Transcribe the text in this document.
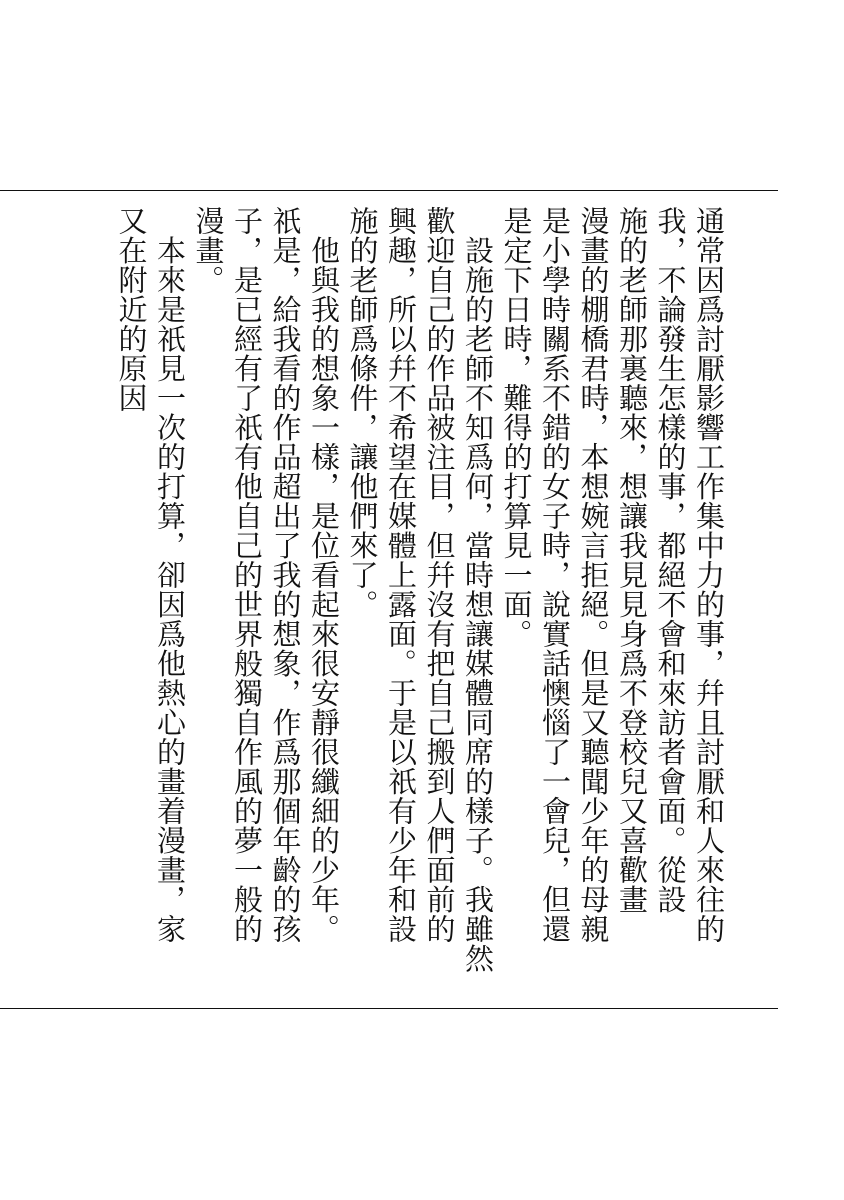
通常因爲討厭影響工作集中力的事，幷且討厭和人來往的
我，不論發生怎樣的事，都絕不會和來訪者會面。從設
施的老師那裏聽來，想讓我見見身爲不登校兒又喜歡畫
漫畫的棚橋君時，本想婉言拒絕。但是又聽聞少年的母親
是小學時關系不錯的女子時，說實話懊惱了一會兒，但還
是定下日時，難得的打算見一面。
　設施的老師不知爲何，當時想讓媒體同席的樣子。我雖然
歡迎自己的作品被注目，但幷沒有把自己搬到人們面前的
興趣，所以幷不希望在媒體上露面。于是以祇有少年和設
施的老師爲條件，讓他們來了。
　他與我的想象一樣，是位看起來很安靜很纖細的少年。
祇是，給我看的作品超出了我的想象，作爲那個年齡的孩
子，是已經有了祇有他自己的世界般獨自作風的夢一般的
漫畫。
　本來是祇見一次的打算，卻因爲他熱心的畫着漫畫，家
又在附近的原因
